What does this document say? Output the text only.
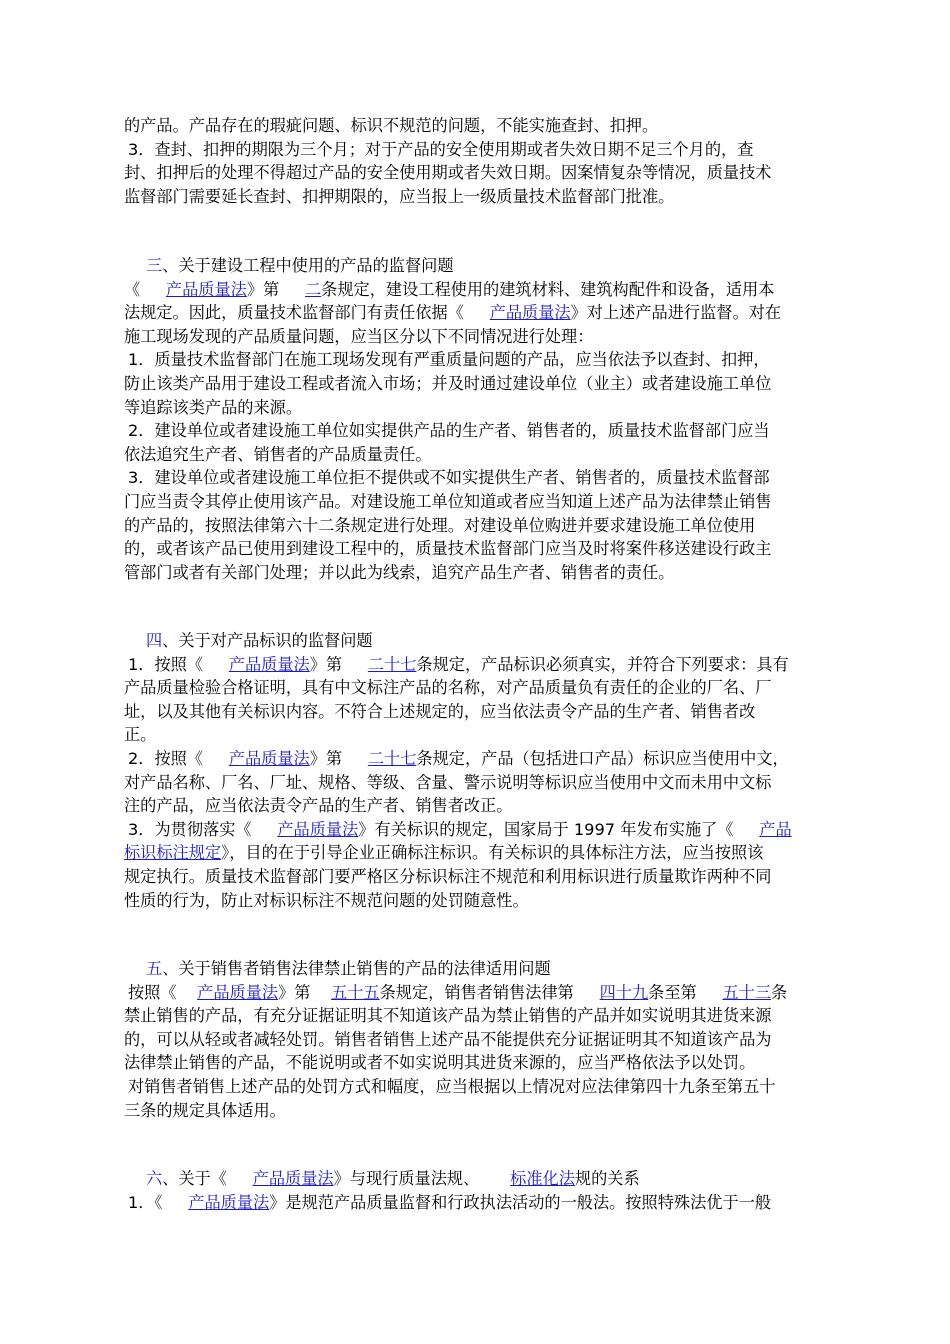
的产品。产品存在的瑕疵问题、标识不规范的问题，不能实施查封、扣押。
3．查封、扣押的期限为三个月；对于产品的安全使用期或者失效日期不足三个月的，查
封、扣押后的处理不得超过产品的安全使用期或者失效日期。因案情复杂等情况，质量技术
监督部门需要延长查封、扣押期限的，应当报上一级质量技术监督部门批准。
三、关于建设工程中使用的产品的监督问题
《 产品质量法》第 二条规定，建设工程使用的建筑材料、建筑构配件和设备，适用本
法规定。因此，质量技术监督部门有责任依据《 产品质量法》对上述产品进行监督。对在
施工现场发现的产品质量问题，应当区分以下不同情况进行处理：
1．质量技术监督部门在施工现场发现有严重质量问题的产品，应当依法予以查封、扣押，
防止该类产品用于建设工程或者流入市场；并及时通过建设单位（业主）或者建设施工单位
等追踪该类产品的来源。
2．建设单位或者建设施工单位如实提供产品的生产者、销售者的，质量技术监督部门应当
依法追究生产者、销售者的产品质量责任。
3．建设单位或者建设施工单位拒不提供或不如实提供生产者、销售者的，质量技术监督部
门应当责令其停止使用该产品。对建设施工单位知道或者应当知道上述产品为法律禁止销售
的产品的，按照法律第六十二条规定进行处理。对建设单位购进并要求建设施工单位使用
的，或者该产品已使用到建设工程中的，质量技术监督部门应当及时将案件移送建设行政主
管部门或者有关部门处理；并以此为线索，追究产品生产者、销售者的责任。
四、关于对产品标识的监督问题
1．按照《 产品质量法》第 二十七条规定，产品标识必须真实，并符合下列要求：具有
产品质量检验合格证明，具有中文标注产品的名称，对产品质量负有责任的企业的厂名、厂
址，以及其他有关标识内容。不符合上述规定的，应当依法责令产品的生产者、销售者改
正。
2．按照《 产品质量法》第 二十七条规定，产品（包括进口产品）标识应当使用中文，
对产品名称、厂名、厂址、规格、等级、含量、警示说明等标识应当使用中文而未用中文标
注的产品，应当依法责令产品的生产者、销售者改正。
3．为贯彻落实《 产品质量法》有关标识的规定，国家局于 1997 年发布实施了《 产品
标识标注规定》，目的在于引导企业正确标注标识。有关标识的具体标注方法，应当按照该
规定执行。质量技术监督部门要严格区分标识标注不规范和利用标识进行质量欺诈两种不同
性质的行为，防止对标识标注不规范问题的处罚随意性。
五、关于销售者销售法律禁止销售的产品的法律适用问题
按照《 产品质量法》第 五十五条规定，销售者销售法律第 四十九条至第 五十三条
禁止销售的产品，有充分证据证明其不知道该产品为禁止销售的产品并如实说明其进货来源
的，可以从轻或者减轻处罚。销售者销售上述产品不能提供充分证据证明其不知道该产品为
法律禁止销售的产品，不能说明或者不如实说明其进货来源的，应当严格依法予以处罚。
对销售者销售上述产品的处罚方式和幅度，应当根据以上情况对应法律第四十九条至第五十
三条的规定具体适用。
六、关于《 产品质量法》与现行质量法规、 标准化法规的关系
1．《 产品质量法》是规范产品质量监督和行政执法活动的一般法。按照特殊法优于一般
